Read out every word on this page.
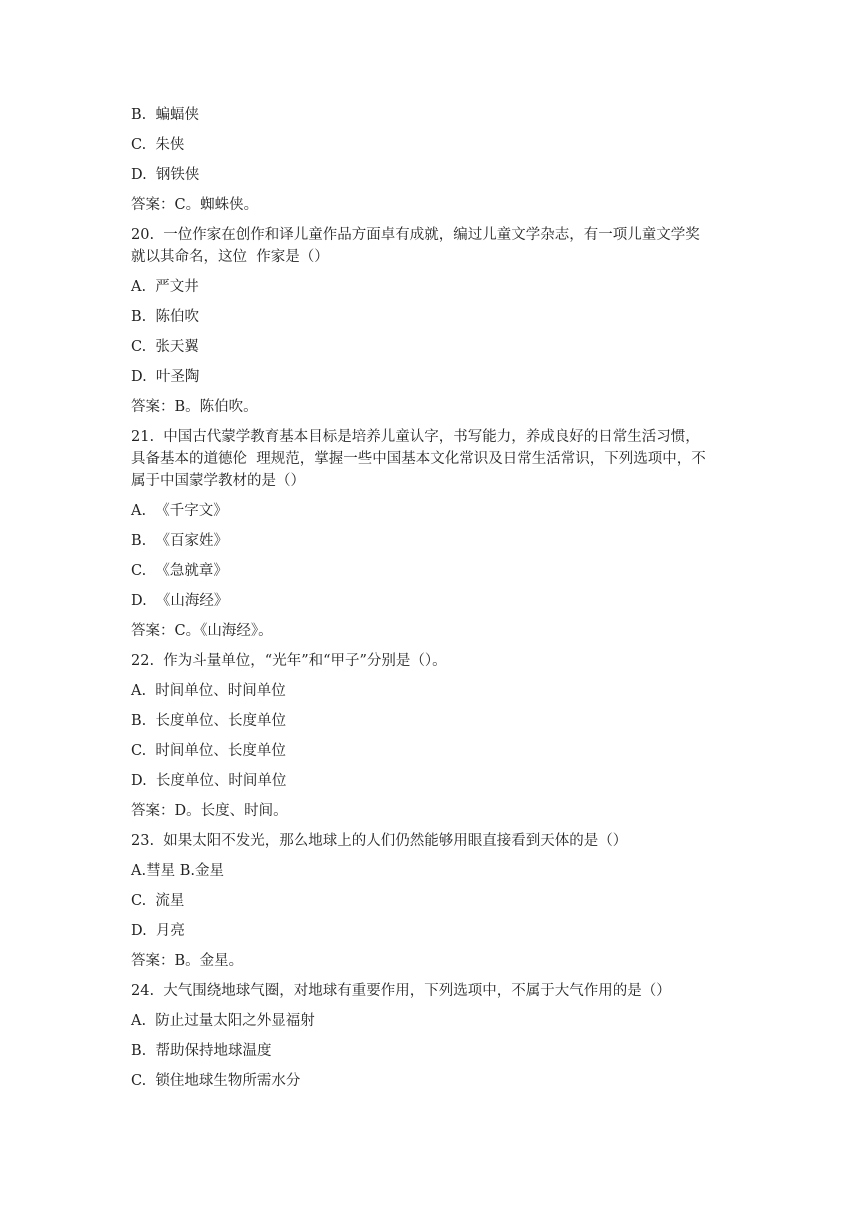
B.  蝙蝠侠

C.  朱侠

D.  钢铁侠

答案：C。蜘蛛侠。

20.  一位作家在创作和译儿童作品方面卓有成就，编过儿童文学杂志，有一项儿童文学奖

就以其命名，这位  作家是（）

A.  严文井

B.  陈伯吹

C.  张天翼

D.  叶圣陶

答案：B。陈伯吹。

21.  中国古代蒙学教育基本目标是培养儿童认字，书写能力，养成良好的日常生活习惯，

具备基本的道德伦  理规范，掌握一些中国基本文化常识及日常生活常识，下列选项中，不

属于中国蒙学教材的是（）

A.  《千字文》

B.  《百家姓》

C.  《急就章》

D.  《山海经》

答案：C。《山海经》。

22.  作为斗量单位，“光年”和“甲子”分别是（）。

A.  时间单位、时间单位

B.  长度单位、长度单位

C.  时间单位、长度单位

D.  长度单位、时间单位

答案：D。长度、时间。

23.  如果太阳不发光，那么地球上的人们仍然能够用眼直接看到天体的是（）

A.彗星 B.金星

C.  流星

D.  月亮

答案：B。金星。

24.  大气围绕地球气圈，对地球有重要作用，下列选项中，不属于大气作用的是（）

A.  防止过量太阳之外显福射

B.  帮助保持地球温度

C.  锁住地球生物所需水分
